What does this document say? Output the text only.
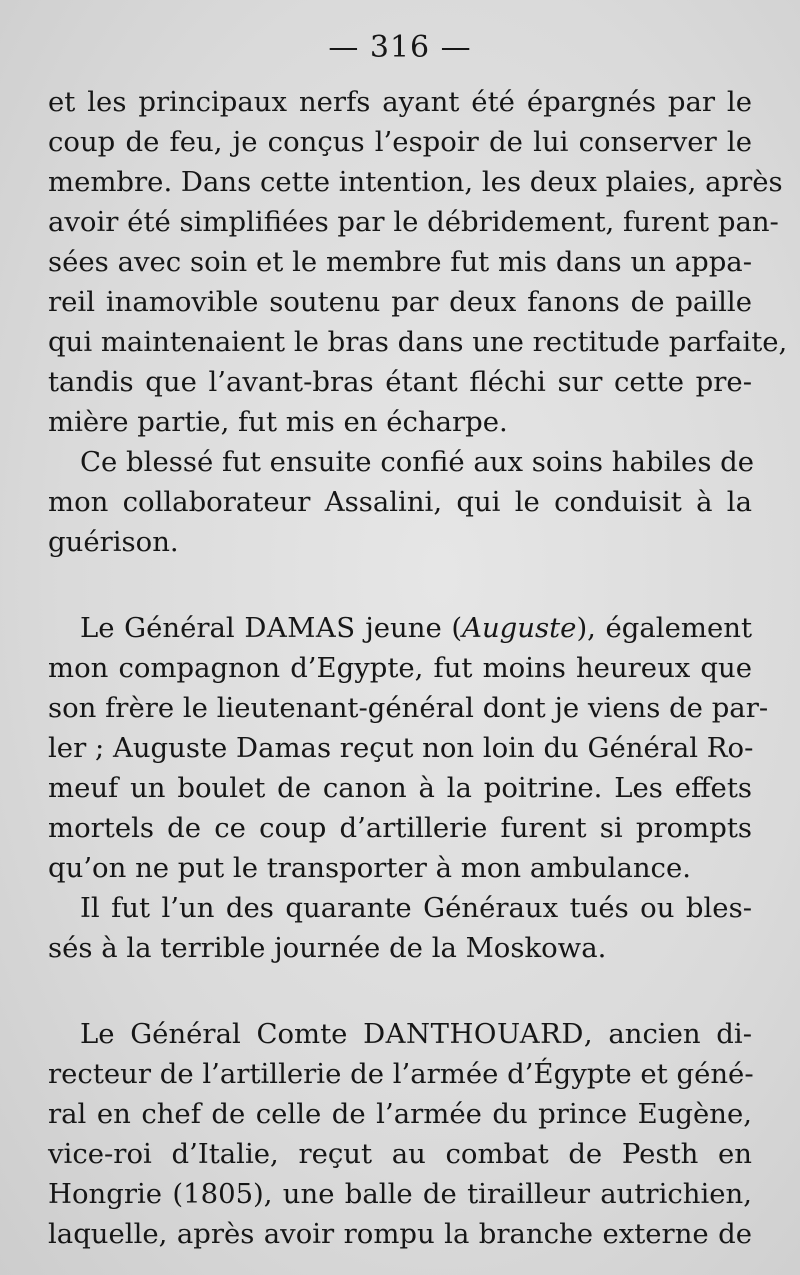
— 316 —
et les principaux nerfs ayant été épargnés par le
coup de feu, je conçus l’espoir de lui conserver le
membre. Dans cette intention, les deux plaies, après
avoir été simplifiées par le débridement, furent pan-
sées avec soin et le membre fut mis dans un appa-
reil inamovible soutenu par deux fanons de paille
qui maintenaient le bras dans une rectitude parfaite,
tandis que l’avant-bras étant fléchi sur cette pre-
mière partie, fut mis en écharpe.
Ce blessé fut ensuite confié aux soins habiles de
mon collaborateur Assalini, qui le conduisit à la
guérison.
Le Général DAMAS jeune (Auguste), également
mon compagnon d’Egypte, fut moins heureux que
son frère le lieutenant-général dont je viens de par-
ler ; Auguste Damas reçut non loin du Général Ro-
meuf un boulet de canon à la poitrine. Les effets
mortels de ce coup d’artillerie furent si prompts
qu’on ne put le transporter à mon ambulance.
Il fut l’un des quarante Généraux tués ou bles-
sés à la terrible journée de la Moskowa.
Le Général Comte DANTHOUARD, ancien di-
recteur de l’artillerie de l’armée d’Égypte et géné-
ral en chef de celle de l’armée du prince Eugène,
vice-roi d’Italie, reçut au combat de Pesth en
Hongrie (1805), une balle de tirailleur autrichien,
laquelle, après avoir rompu la branche externe de
